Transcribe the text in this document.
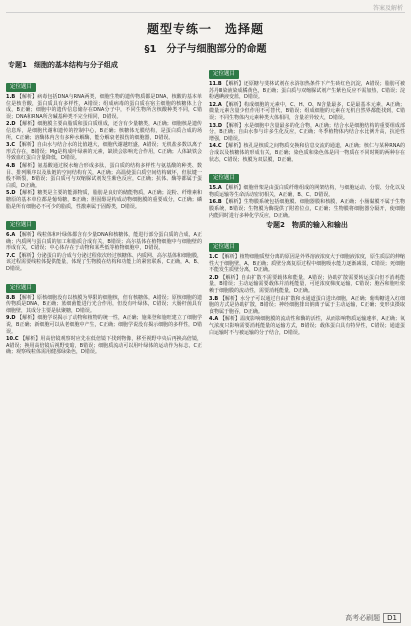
答案及解析
题型专练一　选择题
§1　分子与细胞部分的命题
专题1　细胞的基本结构与分子组成
定位题目

1.B 【解析】病毒包括DNA与RNA两类，细胞生物的遗传物质都是DNA，核酸的基本单位是核苷酸，蛋白质具有多样性，A错误；组成病毒的蛋白质在宿主细胞的核糖体上合成，B正确；细胞中的遗传信息储存在DNA分子中，不同生物所含核酸种类不同，C错误；DNA和RNA所含碱基种类不完全相同，D错误。

2.D 【解析】细胞膜主要由脂质和蛋白质组成，还含有少量糖类，A正确；细胞核是遗传信息库，是细胞代谢和遗传的控制中心，B正确；核糖体无膜结构，是蛋白质合成的场所，C正确；溶酶体内含有多种水解酶，能分解衰老损伤的细胞器，D错误。

3.C 【解析】自由水与结合水的比值越大，细胞代谢越旺盛，A错误；无机盐多数以离子形式存在，B错误；Mg是构成叶绿素的元素，缺镁会影响光合作用，C正确；人体缺铁会导致血红蛋白含量降低，D错误。

4.B 【解析】氨基酸通过脱水缩合形成多肽，蛋白质的结构多样性与氨基酸的种类、数目、排列顺序以及肽链的空间结构有关，A正确；高温使蛋白质空间结构破坏，但肽键一般不断裂，B错误；蛋白质可与双缩脲试剂发生紫色反应，C正确；抗体、酶等都属于蛋白质，D正确。

5.D 【解析】糖类是主要的能源物质，脂肪是良好的储能物质，A正确；淀粉、纤维素和糖原的基本单位都是葡萄糖，B正确；胆固醇是构成动物细胞膜的重要成分，C正确；磷脂是所有细胞必不可少的脂质，性激素属于固醇类，D错误。

定位题目

6.A 【解析】线粒体和叶绿体都含有少量DNA和核糖体，能进行部分蛋白质的合成，A正确；内质网与蛋白质的加工和脂质合成有关，B错误；高尔基体在植物细胞中与细胞壁的形成有关，C错误；中心体存在于动物和某些低等植物细胞中，D错误。

7.C 【解析】分泌蛋白的合成与分泌过程依次经过核糖体、内质网、高尔基体和细胞膜，该过程需要线粒体提供能量，体现了生物膜在结构和功能上的紧密联系，C正确，A、B、D错误。

定位题目

8.B 【解析】原核细胞没有以核膜为界限的细胞核，但有核糖体，A错误；原核细胞的遗传物质是DNA，B正确；蓝细菌能进行光合作用，但没有叶绿体，C错误；大肠杆菌具有细胞壁，其成分主要是肽聚糖，D错误。

9.D 【解析】细胞学说揭示了动物和植物的统一性，A正确；施莱登和施旺建立了细胞学说，B正确；新细胞可以从老细胞中产生，C正确；细胞学说没有揭示细胞的多样性，D错误。

10.C 【解析】用高倍镜观察时应先在低倍镜下找到物像，移至视野中央后再换高倍镜，A错误；换用高倍镜后视野变暗，B错误；细胞质流动可以用叶绿体的运动作为标志，C正确；观察线粒体需用健那绿染色，D错误。

定位题目

11.B 【解析】还原糖与斐林试剂在水浴加热条件下产生砖红色沉淀，A错误；脂肪可被苏丹Ⅲ染液染成橘黄色，B正确；蛋白质与双缩脲试剂产生紫色反应不需加热，C错误；淀粉遇碘液变蓝，D错误。

12.A 【解析】构成细胞的元素中，C、H、O、N含量最多，C是最基本元素，A正确；微量元素含量少但作用不可替代，B错误；组成细胞的元素在无机自然界都能找到，C错误；不同生物体内元素种类大体相同，含量差异较大，D错误。

13.D 【解析】水是细胞中含量最多的化合物，A正确；结合水是细胞结构的重要组成部分，B正确；自由水参与许多生化反应，C正确；冬季植物体内结合水比例升高，抗逆性增强，D错误。

14.C 【解析】核孔是核质之间物质交换和信息交流的通道，A正确；核仁与某种RNA的合成以及核糖体的形成有关，B正确；染色质和染色体是同一物质在不同时期的两种存在状态，C错误；核膜为双层膜，D正确。

定位题目

15.A 【解析】细胞骨架是由蛋白质纤维组成的网架结构，与细胞运动、分裂、分化以及物质运输等生命活动密切相关，A正确，B、C、D错误。

16.B 【解析】生物膜系统包括细胞膜、细胞器膜和核膜，A正确；小肠黏膜不属于生物膜系统，B错误；生物膜为酶提供了附着位点，C正确；生物膜将细胞器分隔开，使细胞内能同时进行多种化学反应，D正确。

专题2　物质的输入和输出
定位题目

1.C 【解析】植物细胞质壁分离的原因是外界溶液浓度大于细胞液浓度，原生质层的伸缩性大于细胞壁，A、B正确；质壁分离复原过程中细胞吸水能力逐渐减弱，C错误；死细胞不能发生质壁分离，D正确。

2.D 【解析】自由扩散不需要载体和能量，A错误；协助扩散需要转运蛋白但不消耗能量，B错误；主动运输需要载体并消耗能量，可逆浓度梯度运输，C错误；胞吞和胞吐依赖于细胞膜的流动性，需要消耗能量，D正确。

3.B 【解析】水分子可以通过自由扩散和水通道蛋白进出细胞，A正确；葡萄糖进入红细胞的方式是协助扩散，B错误；神经细胞排出钠离子属于主动运输，C正确；变形虫摄取食物属于胞吞，D正确。

4.A 【解析】温度影响细胞膜的流动性和酶的活性，从而影响物质运输速率，A正确；氧气浓度只影响需要消耗能量的运输方式，B错误；载体蛋白具有特异性，C错误；通道蛋白运输时不与被运输的分子结合，D错误。

高考必刷题 D1
